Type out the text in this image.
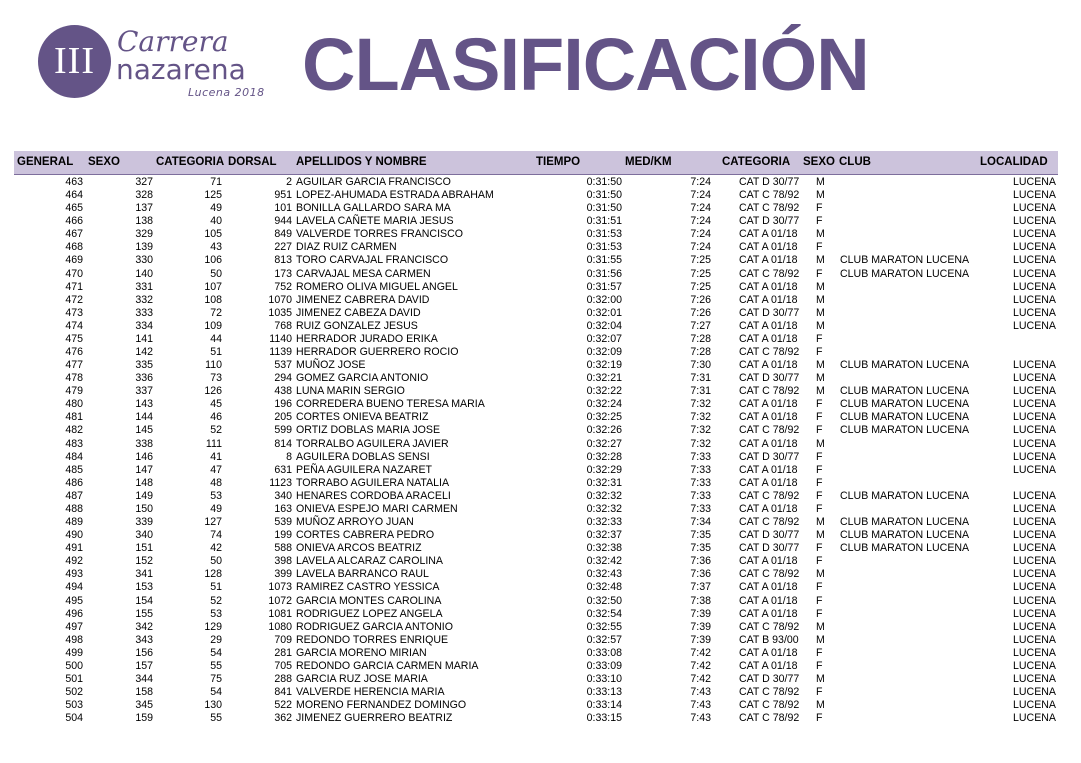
III Carrera
nazarena
Lucena 2018 CLASIFICACIÓN
GENERAL SEXO	CATEGORIA DORSAL APELLIDOS Y NOMBRE	TIEMPO	MED/KM	CATEGORIA SEXO CLUB	LOCALIDAD
463	327	71	2 AGUILAR GARCIA FRANCISCO	0:31:50	7:24	CAT D 30/77 M	LUCENA
464	328	125	951 LOPEZ-AHUMADA ESTRADA ABRAHAM	0:31:50	7:24	CAT C 78/92 M	LUCENA
465	137	49	101 BONILLA GALLARDO SARA MA	0:31:50	7:24	CAT C 78/92 F	LUCENA
466	138	40	944 LAVELA CAÑETE MARIA JESUS	0:31:51	7:24	CAT D 30/77 F	LUCENA
467	329	105	849 VALVERDE TORRES FRANCISCO	0:31:53	7:24	CAT A 01/18 M	LUCENA
468	139	43	227 DIAZ RUIZ CARMEN	0:31:53	7:24	CAT A 01/18 F	LUCENA
469	330	106	813 TORO CARVAJAL FRANCISCO	0:31:55	7:25	CAT A 01/18 M CLUB MARATON LUCENA	LUCENA
470	140	50	173 CARVAJAL MESA CARMEN	0:31:56	7:25	CAT C 78/92 F CLUB MARATON LUCENA	LUCENA
471	331	107	752 ROMERO OLIVA MIGUEL ANGEL	0:31:57	7:25	CAT A 01/18 M	LUCENA
472	332	108	1070 JIMENEZ CABRERA DAVID	0:32:00	7:26	CAT A 01/18 M	LUCENA
473	333	72	1035 JIMENEZ CABEZA DAVID	0:32:01	7:26	CAT D 30/77 M	LUCENA
474	334	109	768 RUIZ GONZALEZ JESUS	0:32:04	7:27	CAT A 01/18 M	LUCENA
475	141	44	1140 HERRADOR JURADO ERIKA	0:32:07	7:28	CAT A 01/18 F
476	142	51	1139 HERRADOR GUERRERO ROCIO	0:32:09	7:28	CAT C 78/92 F
477	335	110	537 MUÑOZ JOSE	0:32:19	7:30	CAT A 01/18 M CLUB MARATON LUCENA	LUCENA
478	336	73	294 GOMEZ GARCIA ANTONIO	0:32:21	7:31	CAT D 30/77 M	LUCENA
479	337	126	438 LUNA MARIN SERGIO	0:32:22	7:31	CAT C 78/92 M CLUB MARATON LUCENA	LUCENA
480	143	45	196 CORREDERA BUENO TERESA MARIA	0:32:24	7:32	CAT A 01/18 F CLUB MARATON LUCENA	LUCENA
481	144	46	205 CORTES ONIEVA BEATRIZ	0:32:25	7:32	CAT A 01/18 F CLUB MARATON LUCENA	LUCENA
482	145	52	599 ORTIZ DOBLAS MARIA JOSE	0:32:26	7:32	CAT C 78/92 F CLUB MARATON LUCENA	LUCENA
483	338	111	814 TORRALBO AGUILERA JAVIER	0:32:27	7:32	CAT A 01/18 M	LUCENA
484	146	41	8 AGUILERA DOBLAS SENSI	0:32:28	7:33	CAT D 30/77 F	LUCENA
485	147	47	631 PEÑA AGUILERA NAZARET	0:32:29	7:33	CAT A 01/18 F	LUCENA
486	148	48	1123 TORRABO AGUILERA NATALIA	0:32:31	7:33	CAT A 01/18 F
487	149	53	340 HENARES CORDOBA ARACELI	0:32:32	7:33	CAT C 78/92 F CLUB MARATON LUCENA	LUCENA
488	150	49	163 ONIEVA ESPEJO MARI CARMEN	0:32:32	7:33	CAT A 01/18 F	LUCENA
489	339	127	539 MUÑOZ ARROYO JUAN	0:32:33	7:34	CAT C 78/92 M CLUB MARATON LUCENA	LUCENA
490	340	74	199 CORTES CABRERA PEDRO	0:32:37	7:35	CAT D 30/77 M CLUB MARATON LUCENA	LUCENA
491	151	42	588 ONIEVA ARCOS BEATRIZ	0:32:38	7:35	CAT D 30/77 F CLUB MARATON LUCENA	LUCENA
492	152	50	398 LAVELA ALCARAZ CAROLINA	0:32:42	7:36	CAT A 01/18 F	LUCENA
493	341	128	399 LAVELA BARRANCO RAUL	0:32:43	7:36	CAT C 78/92 M	LUCENA
494	153	51	1073 RAMIREZ CASTRO YESSICA	0:32:48	7:37	CAT A 01/18 F	LUCENA
495	154	52	1072 GARCIA MONTES CAROLINA	0:32:50	7:38	CAT A 01/18 F	LUCENA
496	155	53	1081 RODRIGUEZ LOPEZ ANGELA	0:32:54	7:39	CAT A 01/18 F	LUCENA
497	342	129	1080 RODRIGUEZ GARCIA ANTONIO	0:32:55	7:39	CAT C 78/92 M	LUCENA
498	343	29	709 REDONDO TORRES ENRIQUE	0:32:57	7:39	CAT B 93/00 M	LUCENA
499	156	54	281 GARCIA MORENO MIRIAN	0:33:08	7:42	CAT A 01/18 F	LUCENA
500	157	55	705 REDONDO GARCIA CARMEN MARIA	0:33:09	7:42	CAT A 01/18 F	LUCENA
501	344	75	288 GARCIA RUZ JOSE MARIA	0:33:10	7:42	CAT D 30/77 M	LUCENA
502	158	54	841 VALVERDE HERENCIA MARIA	0:33:13	7:43	CAT C 78/92 F	LUCENA
503	345	130	522 MORENO FERNANDEZ DOMINGO	0:33:14	7:43	CAT C 78/92 M	LUCENA
504	159	55	362 JIMENEZ GUERRERO BEATRIZ	0:33:15	7:43	CAT C 78/92 F	LUCENA
